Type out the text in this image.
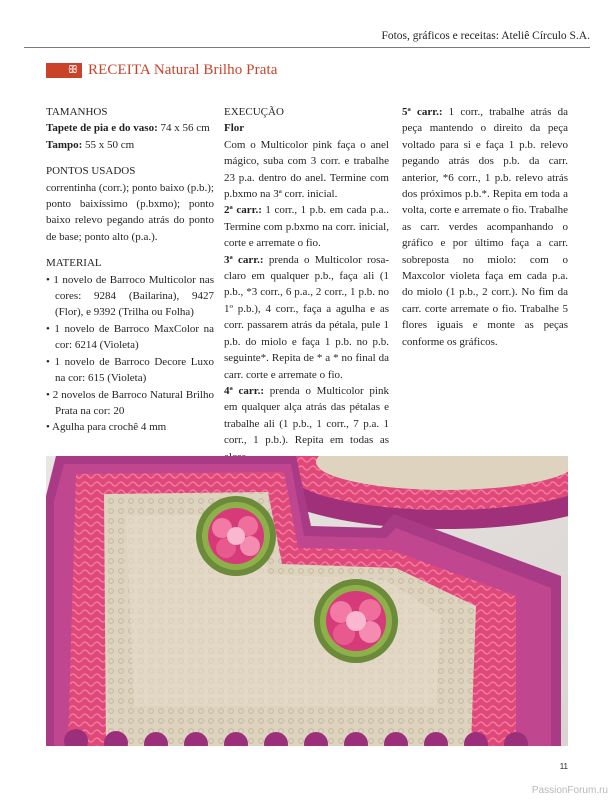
Fotos, gráficos e receitas: Ateliê Círculo S.A.
ꕥ RECEITA Natural Brilho Prata

TAMANHOS

Tapete de pia e do vaso: 74 x 56 cm

Tampo: 55 x 50 cm

PONTOS USADOS

correntinha (corr.); ponto baixo (p.b.); ponto baixíssimo (p.bxmo); ponto baixo relevo pegando atrás do ponto de base; ponto alto (p.a.).

MATERIAL

• 1 novelo de Barroco Multicolor nas cores: 9284 (Bailarina), 9427 (Flor), e 9392 (Trilha ou Folha)
• 1 novelo de Barroco MaxColor na cor: 6214 (Violeta)
• 1 novelo de Barroco Decore Luxo na cor: 615 (Violeta)
• 2 novelos de Barroco Natural Brilho Prata na cor: 20
• Agulha para crochê 4 mm

EXECUÇÃO

Flor

Com o Multicolor pink faça o anel mágico, suba com 3 corr. e trabalhe 23 p.a. dentro do anel. Termine com p.bxmo na 3ª corr. inicial.

2ª carr.: 1 corr., 1 p.b. em cada p.a.. Termine com p.bxmo na corr. inicial, corte e arremate o fio.

3ª carr.: prenda o Multicolor rosa-claro em qualquer p.b., faça ali (1 p.b., *3 corr., 6 p.a., 2 corr., 1 p.b. no 1º p.b.), 4 corr., faça a agulha e as corr. passarem atrás da pétala, pule 1 p.b. do miolo e faça 1 p.b. no p.b. seguinte*. Repita de * a * no final da carr. corte e arremate o fio.

4ª carr.: prenda o Multicolor pink em qualquer alça atrás das pétalas e trabalhe ali (1 p.b., 1 corr., 7 p.a. 1 corr., 1 p.b.). Repita em todas as

5ª carr.: 1 corr., trabalhe atrás da peça mantendo o direito da peça voltado para si e faça 1 p.b. relevo pegando atrás dos p.b. da carr. anterior, *6 corr., 1 p.b. relevo atrás dos próximos p.b.*. Repita em toda a volta, corte e arremate o fio. Trabalhe as carr. verdes acompanhando o gráfico e por último faça a carr. sobreposta no miolo: com o Maxcolor violeta faça em cada p.a. do miolo (1 p.b., 2 corr.). No fim da carr. corte arremate o fio. Trabalhe 5 flores iguais e monte as peças conforme os gráficos.

11
PassionForum.ru
